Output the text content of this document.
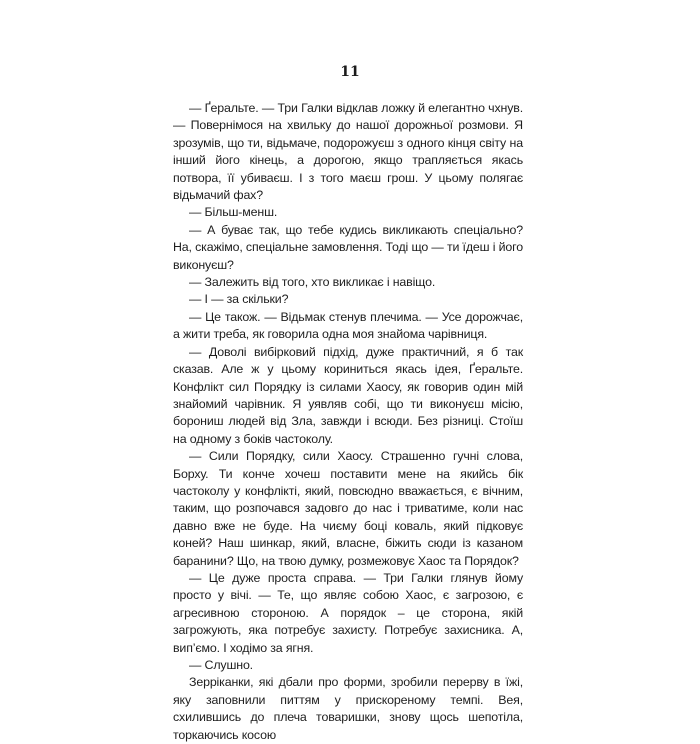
11

— Ґеральте. — Три Галки відклав ложку й елегантно чхнув. — Повернімося на хвильку до нашої дорожньої розмови. Я зрозумів, що ти, відьмаче, подорожуєш з одного кінця світу на інший його кінець, а дорогою, якщо трапляється якась потвора, її убиваєш. І з того маєш грош. У цьому полягає відьмачий фах?

— Більш-менш.

— А буває так, що тебе кудись викликають спеціально? На, скажімо, спеціальне замовлення. Тоді що — ти їдеш і його виконуєш?

— Залежить від того, хто викликає і навіщо.

— І — за скільки?

— Це також. — Відьмак стенув плечима. — Усе дорожчає, а жити треба, як говорила одна моя знайома чарівниця.

— Доволі вибірковий підхід, дуже практичний, я б так сказав. Але ж у цьому кориниться якась ідея, Ґеральте. Конфлікт сил Порядку із силами Хаосу, як говорив один мій знайомий чарівник. Я уявляв собі, що ти виконуєш місію, борониш людей від Зла, завжди і всюди. Без різниці. Стоїш на одному з боків частоколу.

— Сили Порядку, сили Хаосу. Страшенно гучні слова, Борху. Ти конче хочеш поставити мене на якийсь бік частоколу у конфлікті, який, повсюдно вважається, є вічним, таким, що розпочався задовго до нас і триватиме, коли нас давно вже не буде. На чиєму боці коваль, який підковує коней? Наш шинкар, який, власне, біжить сюди із казаном баранини? Що, на твою думку, розмежовує Хаос та Порядок?

— Це дуже проста справа. — Три Галки глянув йому просто у вічі. — Те, що являє собою Хаос, є загрозою, є агресивною стороною. А порядок – це сторона, якій загрожують, яка потребує захисту. Потребує захисника. А, вип’ємо. І ходімо за ягня.

— Слушно.

Зерріканки, які дбали про форми, зробили перерву в їжі, яку заповнили питтям у прискореному темпі. Вея, схилившись до плеча товаришки, знову щось шепотіла, торкаючись косою
